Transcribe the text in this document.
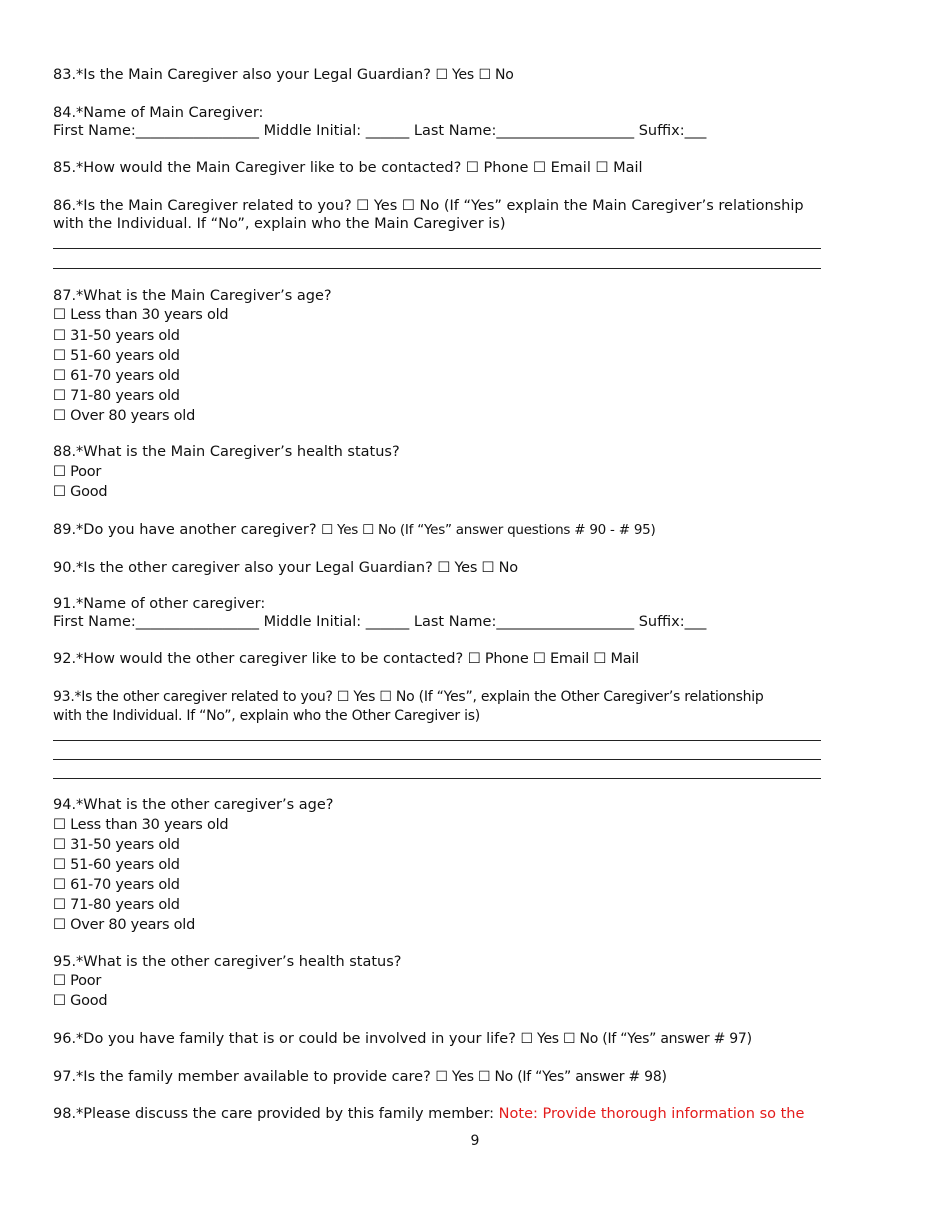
83.*Is the Main Caregiver also your Legal Guardian? ☐ Yes ☐ No
84.*Name of Main Caregiver:
First Name:_________________ Middle Initial: ______ Last Name:___________________ Suffix:___
85.*How would the Main Caregiver like to be contacted? ☐ Phone ☐ Email ☐ Mail
86.*Is the Main Caregiver related to you? ☐ Yes ☐ No (If “Yes” explain the Main Caregiver’s relationship
with the Individual. If “No”, explain who the Main Caregiver is)
87.*What is the Main Caregiver’s age?
☐ Less than 30 years old
☐ 31-50 years old
☐ 51-60 years old
☐ 61-70 years old
☐ 71-80 years old
☐ Over 80 years old
88.*What is the Main Caregiver’s health status?
☐ Poor
☐ Good
89.*Do you have another caregiver? ☐ Yes ☐ No (If “Yes” answer questions # 90 - # 95)
90.*Is the other caregiver also your Legal Guardian? ☐ Yes ☐ No
91.*Name of other caregiver:
First Name:_________________ Middle Initial: ______ Last Name:___________________ Suffix:___
92.*How would the other caregiver like to be contacted? ☐ Phone ☐ Email ☐ Mail
93.*Is the other caregiver related to you? ☐ Yes ☐ No (If “Yes”, explain the Other Caregiver’s relationship
with the Individual. If “No”, explain who the Other Caregiver is)
94.*What is the other caregiver’s age?
☐ Less than 30 years old
☐ 31-50 years old
☐ 51-60 years old
☐ 61-70 years old
☐ 71-80 years old
☐ Over 80 years old
95.*What is the other caregiver’s health status?
☐ Poor
☐ Good
96.*Do you have family that is or could be involved in your life? ☐ Yes ☐ No (If “Yes” answer # 97)
97.*Is the family member available to provide care? ☐ Yes ☐ No (If “Yes” answer # 98)
98.*Please discuss the care provided by this family member: Note: Provide thorough information so the
9
